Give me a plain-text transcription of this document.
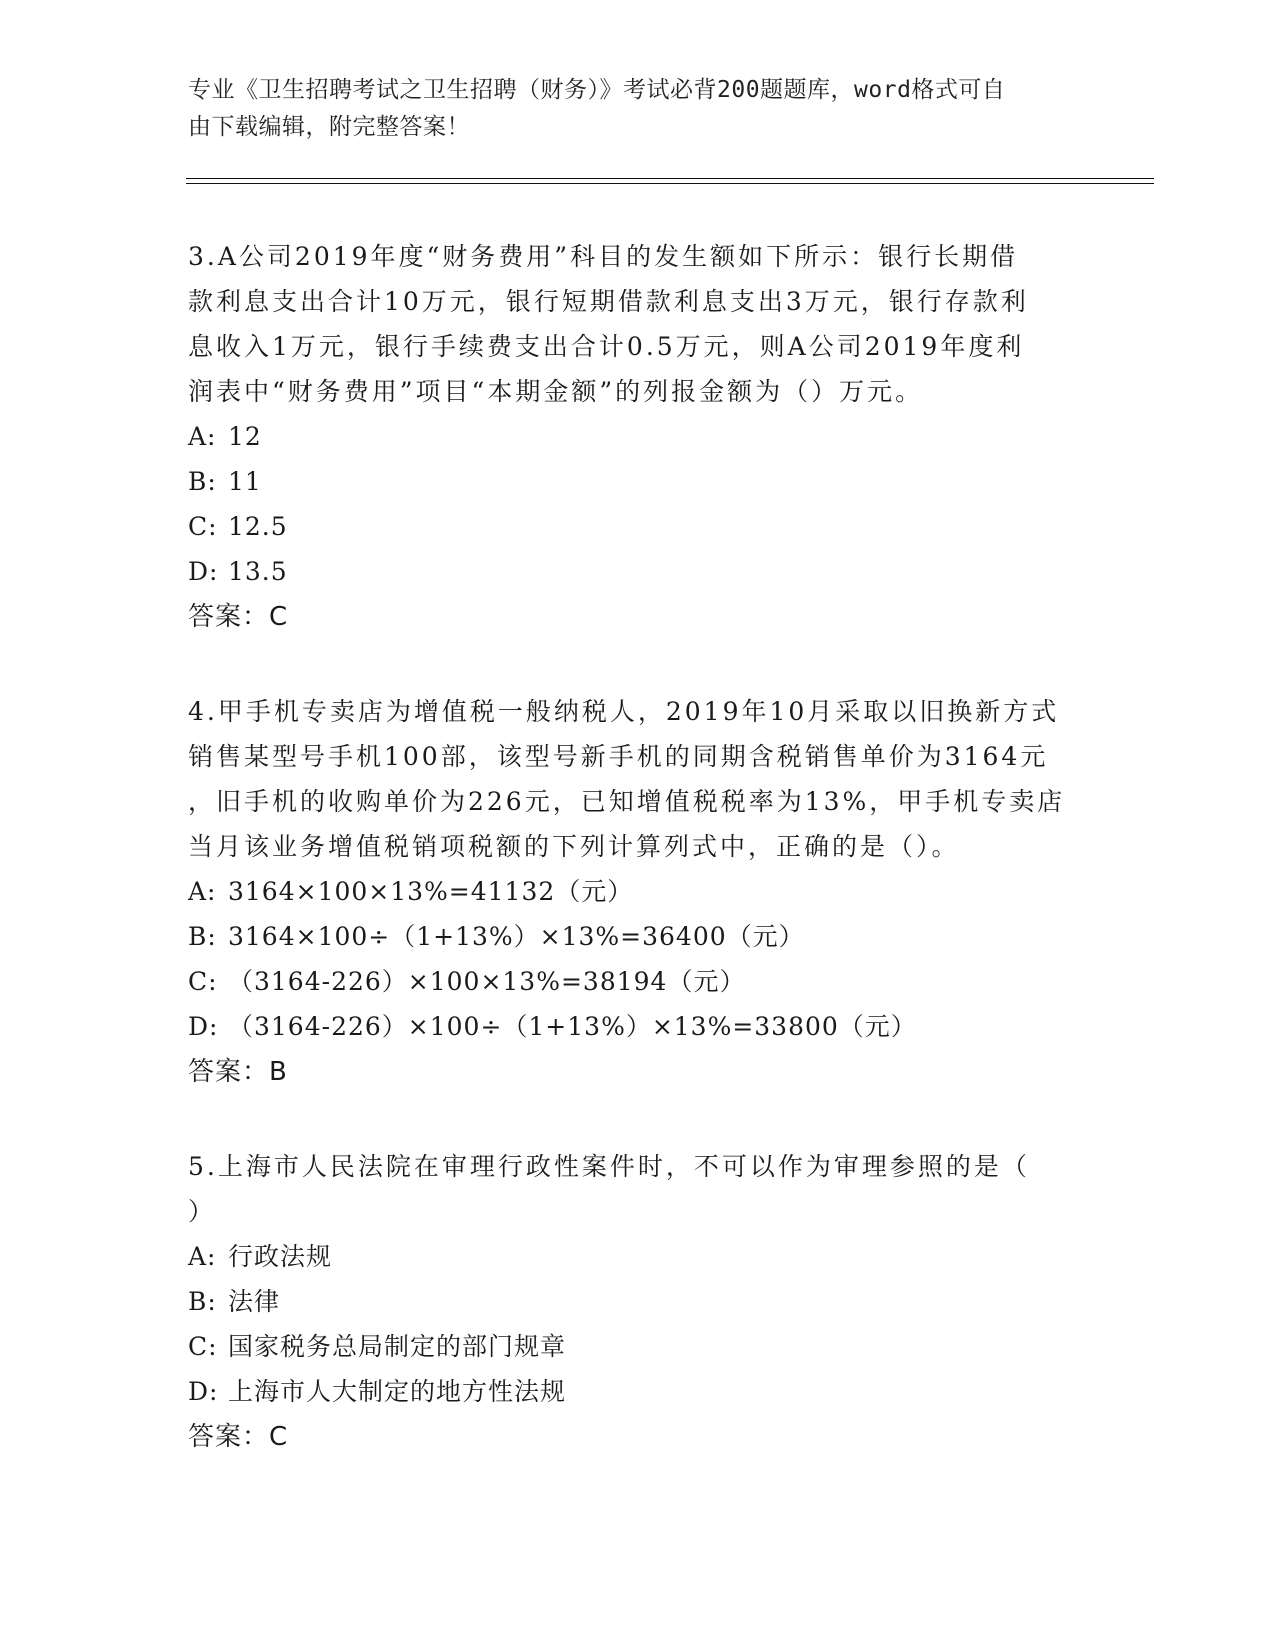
专业《卫生招聘考试之卫生招聘（财务）》考试必背200题题库，word格式可自
由下载编辑，附完整答案！
3.A公司2019年度“财务费用”科目的发生额如下所示：银行长期借
款利息支出合计10万元，银行短期借款利息支出3万元，银行存款利
息收入1万元，银行手续费支出合计0.5万元，则A公司2019年度利
润表中“财务费用”项目“本期金额”的列报金额为（）万元。
A: 12
B: 11
C: 12.5
D: 13.5
答案：C
4.甲手机专卖店为增值税一般纳税人，2019年10月采取以旧换新方式
销售某型号手机100部，该型号新手机的同期含税销售单价为3164元
，旧手机的收购单价为226元，已知增值税税率为13%，甲手机专卖店
当月该业务增值税销项税额的下列计算列式中，正确的是（）。
A: 3164×100×13%=41132（元）
B: 3164×100÷（1+13%）×13%=36400（元）
C: （3164-226）×100×13%=38194（元）
D: （3164-226）×100÷（1+13%）×13%=33800（元）
答案：B
5.上海市人民法院在审理行政性案件时，不可以作为审理参照的是（
）
A: 行政法规
B: 法律
C: 国家税务总局制定的部门规章
D: 上海市人大制定的地方性法规
答案：C
